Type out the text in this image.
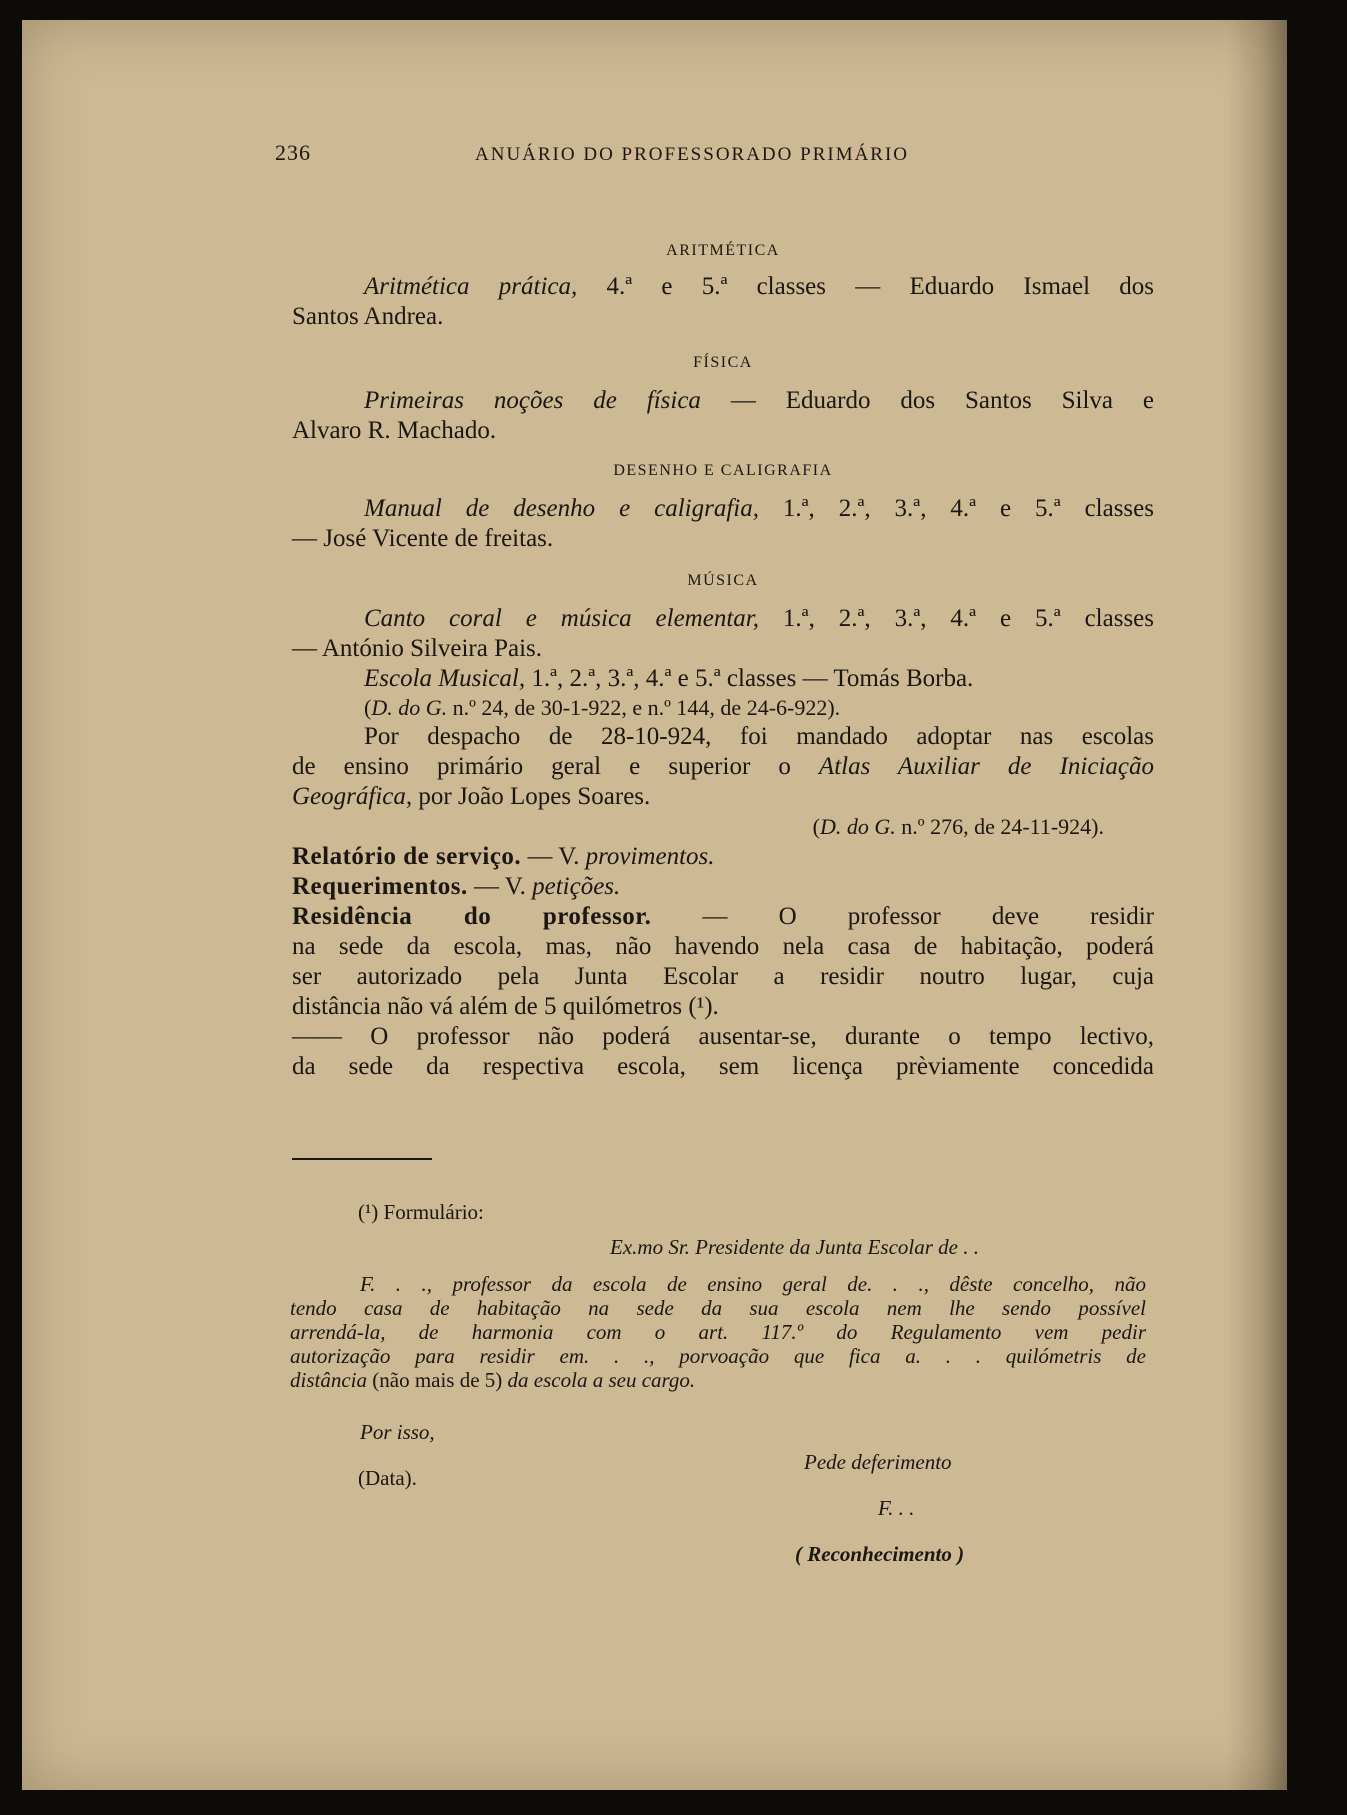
236	ANUÁRIO DO PROFESSORADO PRIMÁRIO
ARITMÉTICA
Aritmética prática, 4.ª e 5.ª classes — Eduardo Ismael dos
Santos Andrea.
FÍSICA
Primeiras noções de física — Eduardo dos Santos Silva e
Alvaro R. Machado.
DESENHO E CALIGRAFIA
Manual de desenho e caligrafia, 1.ª, 2.ª, 3.ª, 4.ª e 5.ª classes
— José Vicente de freitas.
MÚSICA
Canto coral e música elementar, 1.ª, 2.ª, 3.ª, 4.ª e 5.ª classes
— António Silveira Pais.
Escola Musical, 1.ª, 2.ª, 3.ª, 4.ª e 5.ª classes — Tomás Borba.
(D. do G. n.º 24, de 30-1-922, e n.º 144, de 24-6-922).
Por despacho de 28-10-924, foi mandado adoptar nas escolas
de ensino primário geral e superior o Atlas Auxiliar de Iniciação
Geográfica, por João Lopes Soares.
(D. do G. n.º 276, de 24-11-924).
Relatório de serviço. — V. provimentos.
Requerimentos. — V. petições.
Residência do professor. — O professor deve residir
na sede da escola, mas, não havendo nela casa de habitação, poderá
ser autorizado pela Junta Escolar a residir noutro lugar, cuja
distância não vá além de 5 quilómetros (¹).
—— O professor não poderá ausentar-se, durante o tempo lectivo,
da sede da respectiva escola, sem licença prèviamente concedida
(¹) Formulário:
Ex.mo Sr. Presidente da Junta Escolar de . .
F. . ., professor da escola de ensino geral de. . ., dêste concelho, não
tendo casa de habitação na sede da sua escola nem lhe sendo possível
arrendá-la, de harmonia com o art. 117.º do Regulamento vem pedir
autorização para residir em. . ., porvoação que fica a. . . quilómetris de
distância (não mais de 5) da escola a seu cargo.
Por isso,
Pede deferimento
(Data).
F. . .
( Reconhecimento )
